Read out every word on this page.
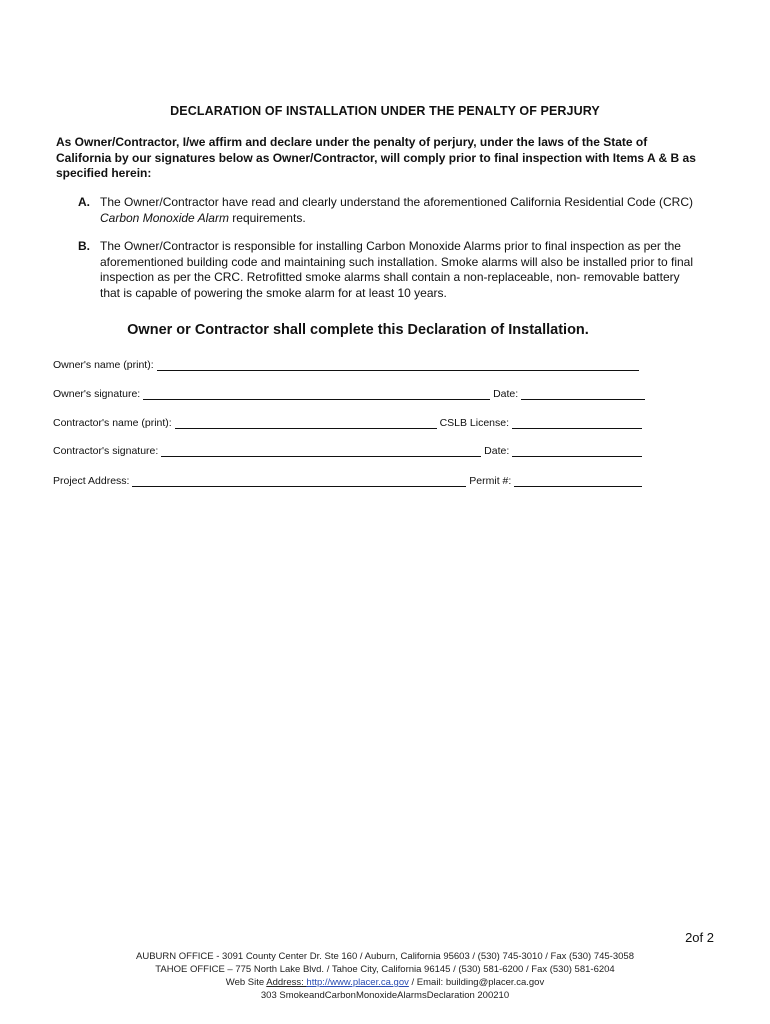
DECLARATION OF INSTALLATION UNDER THE PENALTY OF PERJURY
As Owner/Contractor, I/we affirm and declare under the penalty of perjury, under the laws of the State of California by our signatures below as Owner/Contractor, will comply prior to final inspection with Items A & B as specified herein:
A. The Owner/Contractor have read and clearly understand the aforementioned California Residential Code (CRC) Carbon Monoxide Alarm requirements.
B. The Owner/Contractor is responsible for installing Carbon Monoxide Alarms prior to final inspection as per the aforementioned building code and maintaining such installation. Smoke alarms will also be installed prior to final inspection as per the CRC. Retrofitted smoke alarms shall contain a non-replaceable, non- removable battery that is capable of powering the smoke alarm for at least 10 years.
Owner or Contractor shall complete this Declaration of Installation.
Owner's name (print):
Owner's signature:	Date:
Contractor's name (print):	CSLB License:
Contractor's signature:	Date:
Project Address:	Permit #:
2of 2
AUBURN OFFICE - 3091 County Center Dr. Ste 160 / Auburn, California 95603 / (530) 745-3010 / Fax (530) 745-3058
TAHOE OFFICE – 775 North Lake Blvd. / Tahoe City, California 96145 / (530) 581-6200 / Fax (530) 581-6204
Web Site Address: http://www.placer.ca.gov / Email: building@placer.ca.gov
303 SmokeandCarbonMonoxideAlarmsDeclaration 200210
